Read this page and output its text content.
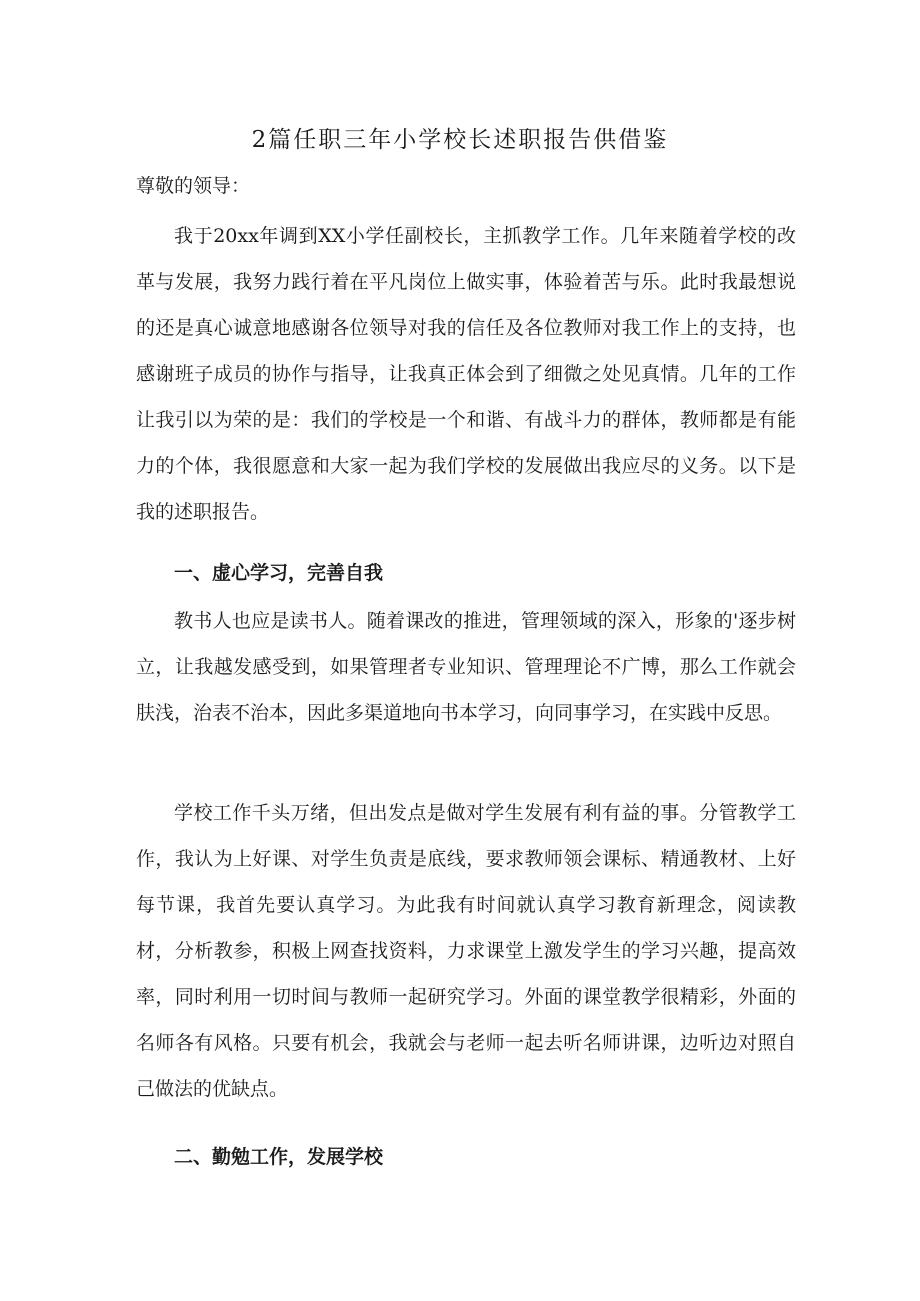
2篇任职三年小学校长述职报告供借鉴

尊敬的领导：

我于20xx年调到XX小学任副校长，主抓教学工作。几年来随着学校的改革与发展，我努力践行着在平凡岗位上做实事，体验着苦与乐。此时我最想说的还是真心诚意地感谢各位领导对我的信任及各位教师对我工作上的支持，也感谢班子成员的协作与指导，让我真正体会到了细微之处见真情。几年的工作让我引以为荣的是：我们的学校是一个和谐、有战斗力的群体，教师都是有能力的个体，我很愿意和大家一起为我们学校的发展做出我应尽的义务。以下是我的述职报告。

一、虚心学习，完善自我

教书人也应是读书人。随着课改的推进，管理领域的深入，形象的'逐步树立，让我越发感受到，如果管理者专业知识、管理理论不广博，那么工作就会肤浅，治表不治本，因此多渠道地向书本学习，向同事学习，在实践中反思。

学校工作千头万绪，但出发点是做对学生发展有利有益的事。分管教学工作，我认为上好课、对学生负责是底线，要求教师领会课标、精通教材、上好每节课，我首先要认真学习。为此我有时间就认真学习教育新理念，阅读教材，分析教参，积极上网查找资料，力求课堂上激发学生的学习兴趣，提高效率，同时利用一切时间与教师一起研究学习。外面的课堂教学很精彩，外面的名师各有风格。只要有机会，我就会与老师一起去听名师讲课，边听边对照自己做法的优缺点。

二、勤勉工作，发展学校
